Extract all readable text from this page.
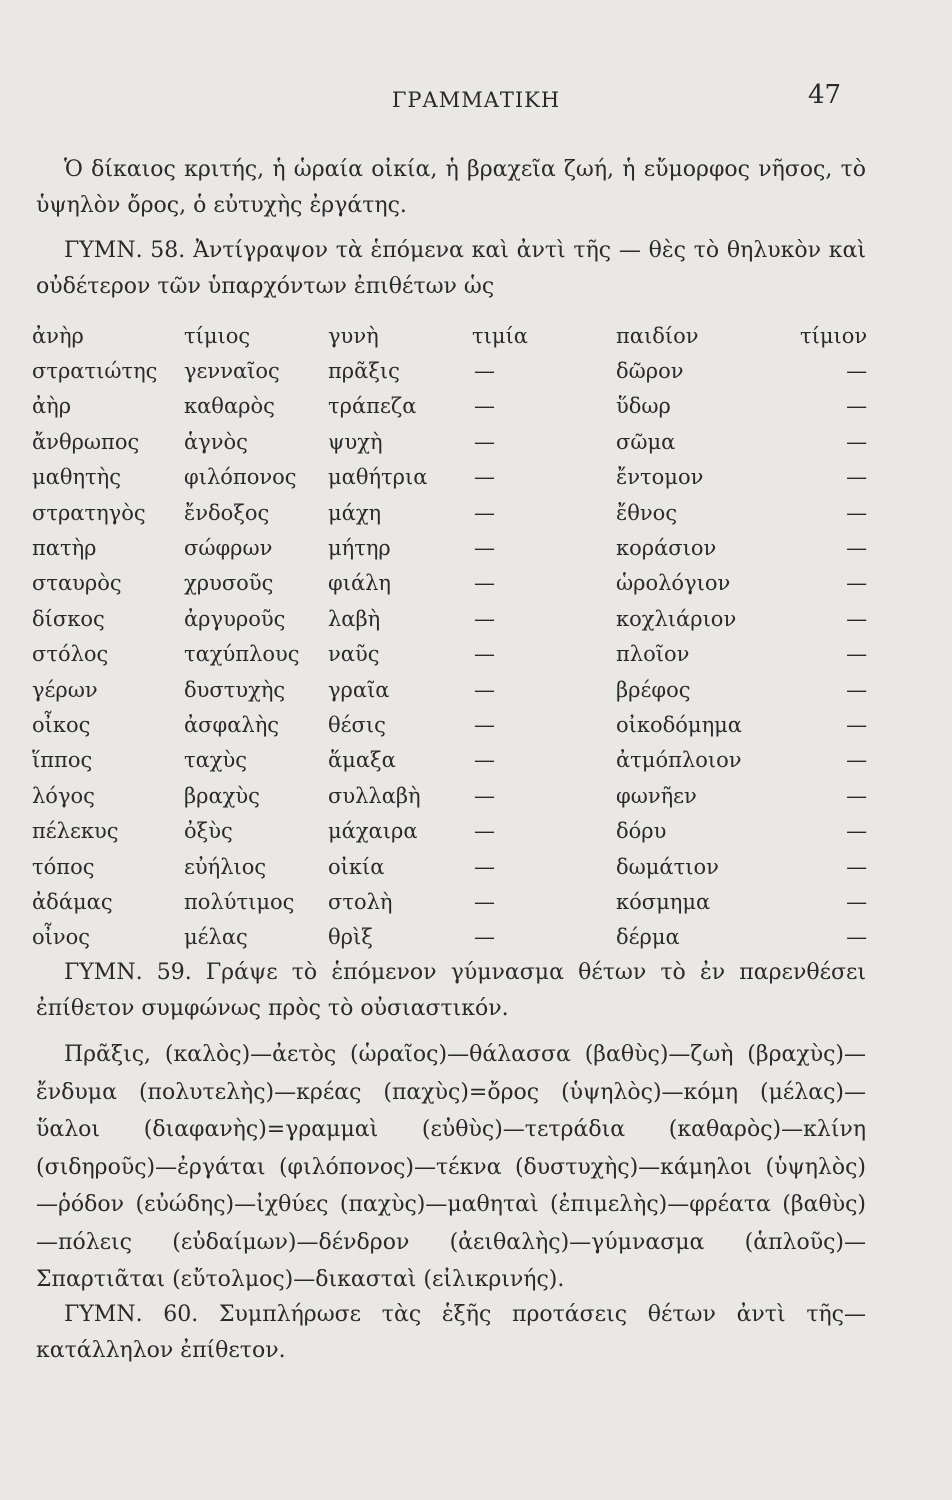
ΓΡΑΜΜΑΤΙΚΗ	47

Ὁ δίκαιος κριτής, ἡ ὡραία οἰκία, ἡ βραχεῖα ζωή, ἡ εὔμορφος νῆσος, τὸ ὑψηλὸν ὄρος, ὁ εὐτυχὴς ἐργάτης.

ΓΥΜΝ. 58. Ἀντίγραψον τὰ ἑπόμενα καὶ ἀντὶ τῆς — θὲς τὸ θηλυκὸν καὶ οὐδέτερον τῶν ὑπαρχόντων ἐπιθέτων ὡς

ἀνὴρ	τίμιος	γυνὴ	τιμία	παιδίον	τίμιον
στρατιώτης	γενναῖος	πρᾶξις	—	δῶρον	—
ἀὴρ	καθαρὸς	τράπεζα	—	ὕδωρ	—
ἄνθρωπος	ἁγνὸς	ψυχὴ	—	σῶμα	—
μαθητὴς	φιλόπονος	μαθήτρια	—	ἔντομον	—
στρατηγὸς	ἔνδοξος	μάχη	—	ἔθνος	—
πατὴρ	σώφρων	μήτηρ	—	κοράσιον	—
σταυρὸς	χρυσοῦς	φιάλη	—	ὡρολόγιον	—
δίσκος	ἀργυροῦς	λαβὴ	—	κοχλιάριον	—
στόλος	ταχύπλους	ναῦς	—	πλοῖον	—
γέρων	δυστυχὴς	γραῖα	—	βρέφος	—
οἶκος	ἀσφαλὴς	θέσις	—	οἰκοδόμημα	—
ἵππος	ταχὺς	ἅμαξα	—	ἀτμόπλοιον	—
λόγος	βραχὺς	συλλαβὴ	—	φωνῆεν	—
πέλεκυς	ὀξὺς	μάχαιρα	—	δόρυ	—
τόπος	εὐήλιος	οἰκία	—	δωμάτιον	—
ἀδάμας	πολύτιμος	στολὴ	—	κόσμημα	—
οἶνος	μέλας	θρὶξ	—	δέρμα	—

ΓΥΜΝ. 59. Γράψε τὸ ἑπόμενον γύμνασμα θέτων τὸ ἐν παρενθέσει ἐπίθετον συμφώνως πρὸς τὸ οὐσιαστικόν.

Πρᾶξις, (καλὸς)—ἀετὸς (ὡραῖος)—θάλασσα (βαθὺς)—ζωὴ (βραχὺς)—ἔνδυμα (πολυτελὴς)—κρέας (παχὺς)=ὄρος (ὑψηλὸς)—κόμη (μέλας)—ὕαλοι (διαφανὴς)=γραμμαὶ (εὐθὺς)—τετράδια (καθαρὸς)—κλίνη (σιδηροῦς)—ἐργάται (φιλόπονος)—τέκνα (δυστυχὴς)—κάμηλοι (ὑψηλὸς)—ῥόδον (εὐώδης)—ἰχθύες (παχὺς)—μαθηταὶ (ἐπιμελὴς)—φρέατα (βαθὺς)—πόλεις (εὐδαίμων)—δένδρον (ἀειθαλὴς)—γύμνασμα (ἁπλοῦς)—Σπαρτιᾶται (εὔτολμος)—δικασταὶ (εἰλικρινής).

ΓΥΜΝ. 60. Συμπλήρωσε τὰς ἑξῆς προτάσεις θέτων ἀντὶ τῆς— κατάλληλον ἐπίθετον.
